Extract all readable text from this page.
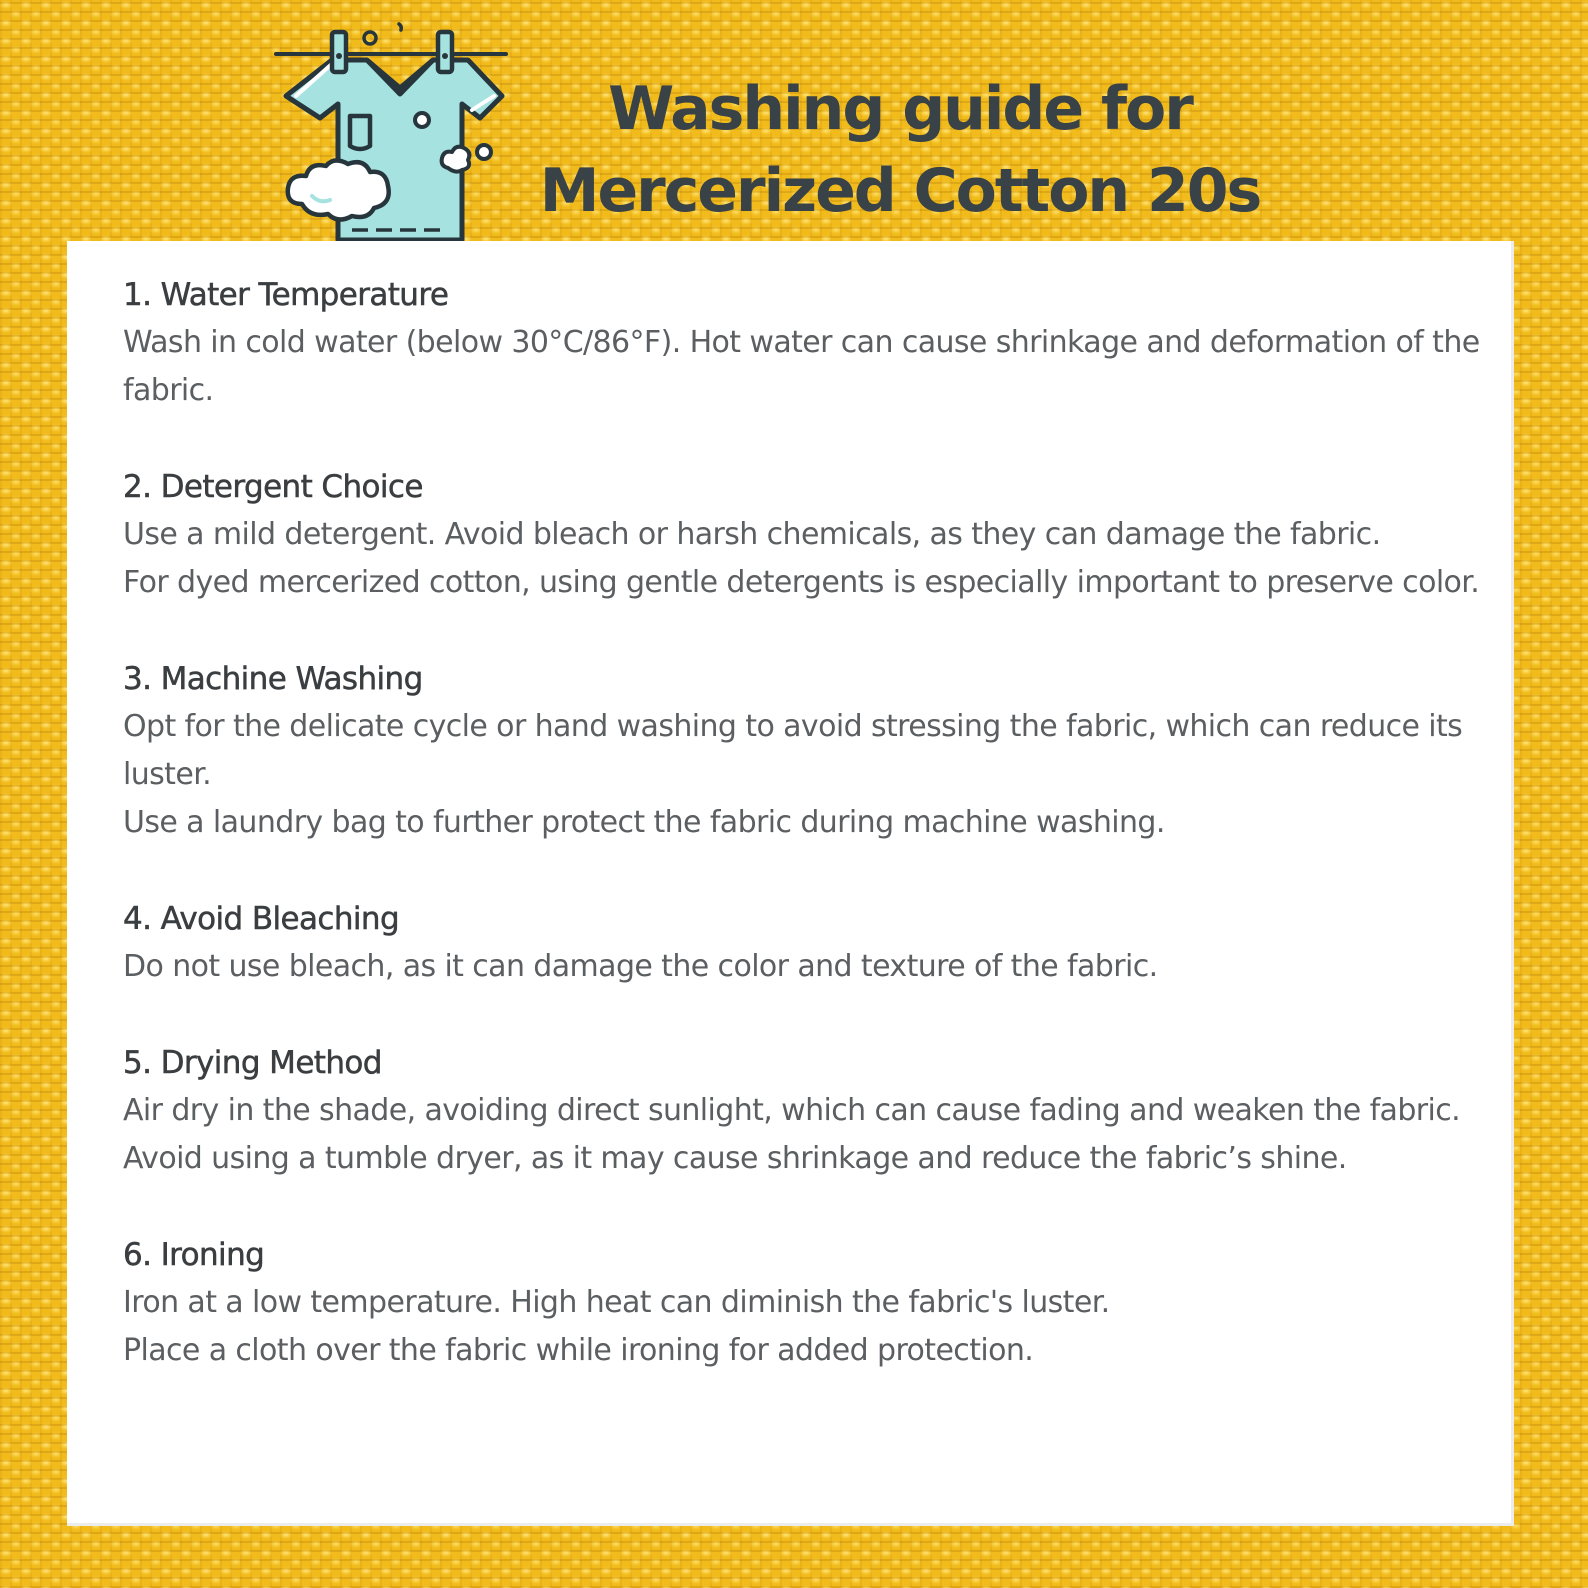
Washing guide for
Mercerized Cotton 20s

1. Water Temperature

Wash in cold water (below 30°C/86°F). Hot water can cause shrinkage and deformation of the fabric.

2. Detergent Choice

Use a mild detergent. Avoid bleach or harsh chemicals, as they can damage the fabric.

For dyed mercerized cotton, using gentle detergents is especially important to preserve color.

3. Machine Washing

Opt for the delicate cycle or hand washing to avoid stressing the fabric, which can reduce its luster.

Use a laundry bag to further protect the fabric during machine washing.

4. Avoid Bleaching

Do not use bleach, as it can damage the color and texture of the fabric.

5. Drying Method

Air dry in the shade, avoiding direct sunlight, which can cause fading and weaken the fabric.

Avoid using a tumble dryer, as it may cause shrinkage and reduce the fabric’s shine.

6. Ironing

Iron at a low temperature. High heat can diminish the fabric's luster.

Place a cloth over the fabric while ironing for added protection.
